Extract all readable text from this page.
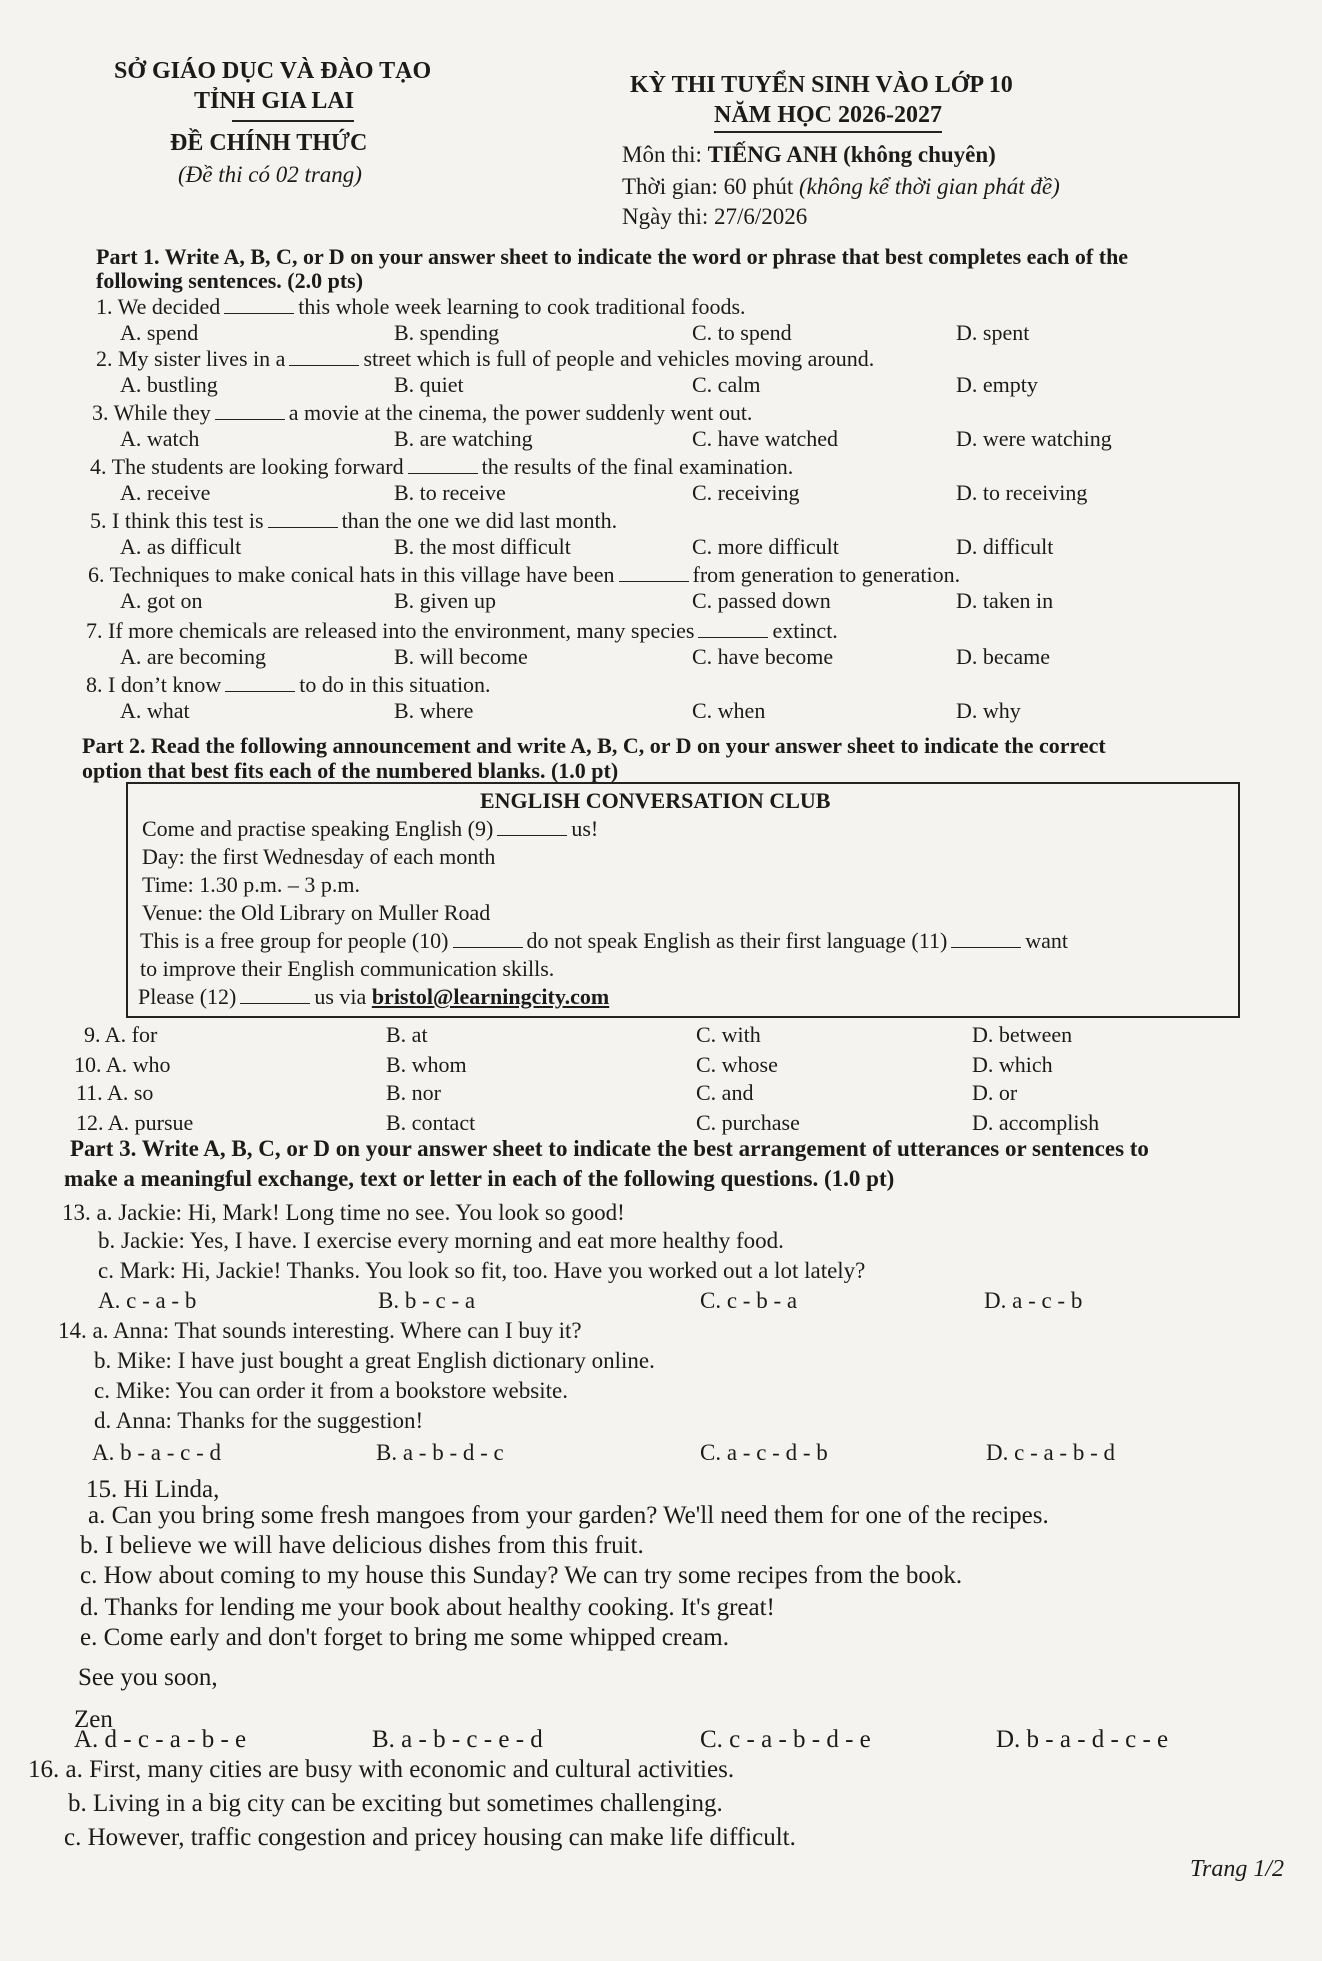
SỞ GIÁO DỤC VÀ ĐÀO TẠO
TỈNH GIA LAI
ĐỀ CHÍNH THỨC
(Đề thi có 02 trang)
KỲ THI TUYỂN SINH VÀO LỚP 10
NĂM HỌC 2026-2027
Môn thi: TIẾNG ANH (không chuyên)
Thời gian: 60 phút (không kể thời gian phát đề)
Ngày thi: 27/6/2026
Part 1. Write A, B, C, or D on your answer sheet to indicate the word or phrase that best completes each of the
following sentences. (2.0 pts)
1. We decided	this whole week learning to cook traditional foods.
A. spend	B. spending	C. to spend	D. spent
2. My sister lives in a	street which is full of people and vehicles moving around.
A. bustling	B. quiet	C. calm	D. empty
3. While they	a movie at the cinema, the power suddenly went out.
A. watch	B. are watching	C. have watched	D. were watching
4. The students are looking forward	the results of the final examination.
A. receive	B. to receive	C. receiving	D. to receiving
5. I think this test is	than the one we did last month.
A. as difficult	B. the most difficult	C. more difficult	D. difficult
6. Techniques to make conical hats in this village have been	from generation to generation.
A. got on	B. given up	C. passed down	D. taken in
7. If more chemicals are released into the environment, many species	extinct.
A. are becoming	B. will become	C. have become	D. became
8. I don’t know	to do in this situation.
A. what	B. where	C. when	D. why
Part 2. Read the following announcement and write A, B, C, or D on your answer sheet to indicate the correct
option that best fits each of the numbered blanks. (1.0 pt)
ENGLISH CONVERSATION CLUB
Come and practise speaking English (9)	us!
Day: the first Wednesday of each month
Time: 1.30 p.m. – 3 p.m.
Venue: the Old Library on Muller Road
This is a free group for people (10)	do not speak English as their first language (11)	want
to improve their English communication skills.
Please (12)	us via bristol@learningcity.com
9. A. for	B. at	C. with	D. between
10. A. who	B. whom	C. whose	D. which
11. A. so	B. nor	C. and	D. or
12. A. pursue	B. contact	C. purchase	D. accomplish
Part 3. Write A, B, C, or D on your answer sheet to indicate the best arrangement of utterances or sentences to
make a meaningful exchange, text or letter in each of the following questions. (1.0 pt)
13. a. Jackie: Hi, Mark! Long time no see. You look so good!
b. Jackie: Yes, I have. I exercise every morning and eat more healthy food.
c. Mark: Hi, Jackie! Thanks. You look so fit, too. Have you worked out a lot lately?
A. c - a - b	B. b - c - a	C. c - b - a	D. a - c - b
14. a. Anna: That sounds interesting. Where can I buy it?
b. Mike: I have just bought a great English dictionary online.
c. Mike: You can order it from a bookstore website.
d. Anna: Thanks for the suggestion!
A. b - a - c - d	B. a - b - d - c	C. a - c - d - b	D. c - a - b - d
15. Hi Linda,
a. Can you bring some fresh mangoes from your garden? We'll need them for one of the recipes.
b. I believe we will have delicious dishes from this fruit.
c. How about coming to my house this Sunday? We can try some recipes from the book.
d. Thanks for lending me your book about healthy cooking. It's great!
e. Come early and don't forget to bring me some whipped cream.
See you soon,
Zen
A. d - c - a - b - e	B. a - b - c - e - d	C. c - a - b - d - e	D. b - a - d - c - e
16. a. First, many cities are busy with economic and cultural activities.
b. Living in a big city can be exciting but sometimes challenging.
c. However, traffic congestion and pricey housing can make life difficult.
Trang 1/2
